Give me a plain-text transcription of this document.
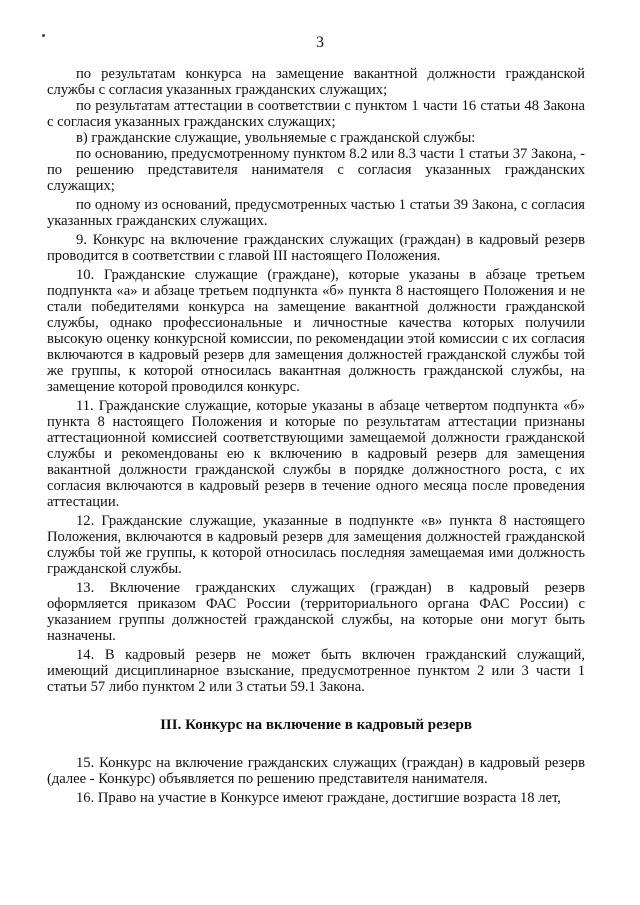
3

по результатам конкурса на замещение вакантной должности гражданской службы с согласия указанных гражданских служащих;

по результатам аттестации в соответствии с пунктом 1 части 16 статьи 48 Закона с согласия указанных гражданских служащих;

в) гражданские служащие, увольняемые с гражданской службы:

по основанию, предусмотренному пунктом 8.2 или 8.3 части 1 статьи 37 Закона, - по решению представителя нанимателя с согласия указанных гражданских служащих;

по одному из оснований, предусмотренных частью 1 статьи 39 Закона, с согласия указанных гражданских служащих.

9. Конкурс на включение гражданских служащих (граждан) в кадровый резерв проводится в соответствии с главой III настоящего Положения.

10. Гражданские служащие (граждане), которые указаны в абзаце третьем подпункта «а» и абзаце третьем подпункта «б» пункта 8 настоящего Положения и не стали победителями конкурса на замещение вакантной должности гражданской службы, однако профессиональные и личностные качества которых получили высокую оценку конкурсной комиссии, по рекомендации этой комиссии с их согласия включаются в кадровый резерв для замещения должностей гражданской службы той же группы, к которой относилась вакантная должность гражданской службы, на замещение которой проводился конкурс.

11. Гражданские служащие, которые указаны в абзаце четвертом подпункта «б» пункта 8 настоящего Положения и которые по результатам аттестации признаны аттестационной комиссией соответствующими замещаемой должности гражданской службы и рекомендованы ею к включению в кадровый резерв для замещения вакантной должности гражданской службы в порядке должностного роста, с их согласия включаются в кадровый резерв в течение одного месяца после проведения аттестации.

12. Гражданские служащие, указанные в подпункте «в» пункта 8 настоящего Положения, включаются в кадровый резерв для замещения должностей гражданской службы той же группы, к которой относилась последняя замещаемая ими должность гражданской службы.

13. Включение гражданских служащих (граждан) в кадровый резерв оформляется приказом ФАС России (территориального органа ФАС России) с указанием группы должностей гражданской службы, на которые они могут быть назначены.

14. В кадровый резерв не может быть включен гражданский служащий, имеющий дисциплинарное взыскание, предусмотренное пунктом 2 или 3 части 1 статьи 57 либо пунктом 2 или 3 статьи 59.1 Закона.

III. Конкурс на включение в кадровый резерв

15. Конкурс на включение гражданских служащих (граждан) в кадровый резерв (далее - Конкурс) объявляется по решению представителя нанимателя.

16. Право на участие в Конкурсе имеют граждане, достигшие возраста 18 лет,
